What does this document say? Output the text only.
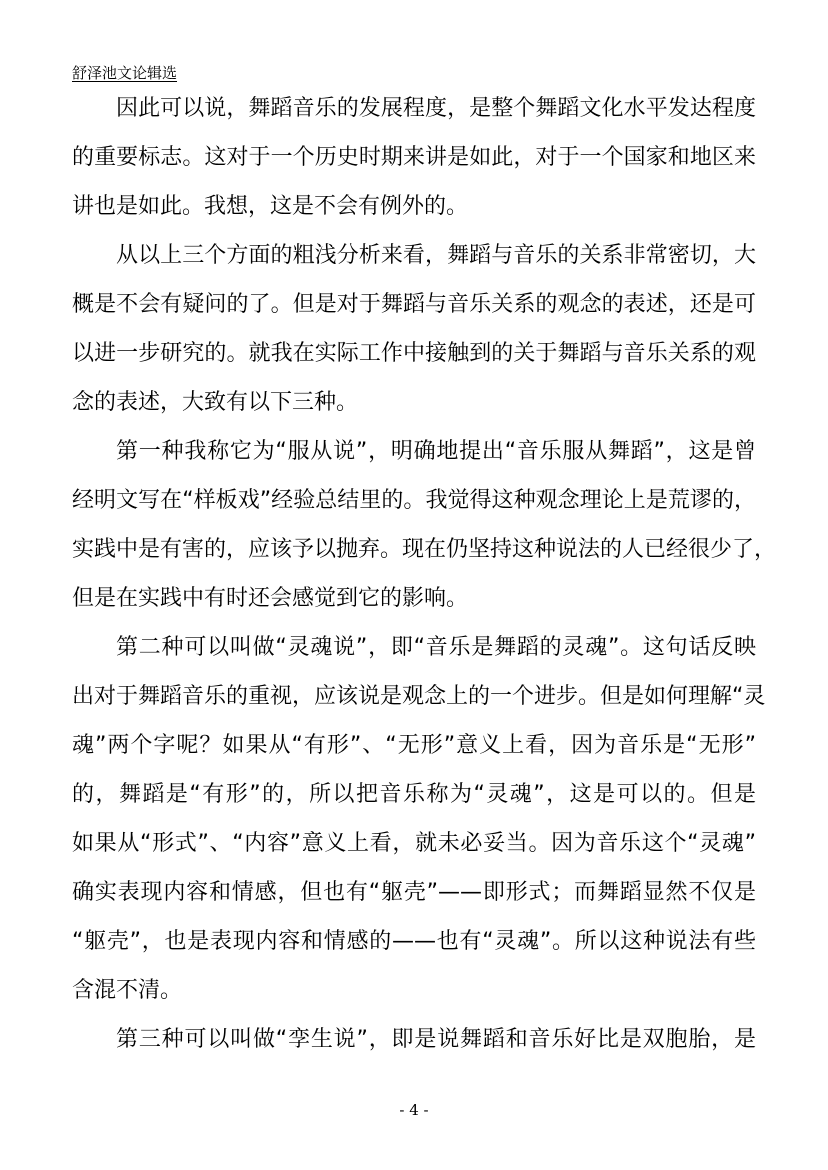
舒泽池文论辑选
因此可以说，舞蹈音乐的发展程度，是整个舞蹈文化水平发达程度
的重要标志。这对于一个历史时期来讲是如此，对于一个国家和地区来
讲也是如此。我想，这是不会有例外的。
从以上三个方面的粗浅分析来看，舞蹈与音乐的关系非常密切，大
概是不会有疑问的了。但是对于舞蹈与音乐关系的观念的表述，还是可
以进一步研究的。就我在实际工作中接触到的关于舞蹈与音乐关系的观
念的表述，大致有以下三种。
第一种我称它为“服从说”，明确地提出“音乐服从舞蹈”，这是曾
经明文写在“样板戏”经验总结里的。我觉得这种观念理论上是荒谬的，
实践中是有害的，应该予以抛弃。现在仍坚持这种说法的人已经很少了，
但是在实践中有时还会感觉到它的影响。
第二种可以叫做“灵魂说”，即“音乐是舞蹈的灵魂”。这句话反映
出对于舞蹈音乐的重视，应该说是观念上的一个进步。但是如何理解“灵
魂”两个字呢？如果从“有形”、“无形”意义上看，因为音乐是“无形”
的，舞蹈是“有形”的，所以把音乐称为“灵魂”，这是可以的。但是
如果从“形式”、“内容”意义上看，就未必妥当。因为音乐这个“灵魂”
确实表现内容和情感，但也有“躯壳”——即形式；而舞蹈显然不仅是
“躯壳”，也是表现内容和情感的——也有“灵魂”。所以这种说法有些
含混不清。
第三种可以叫做“孪生说”，即是说舞蹈和音乐好比是双胞胎，是
- 4 -
